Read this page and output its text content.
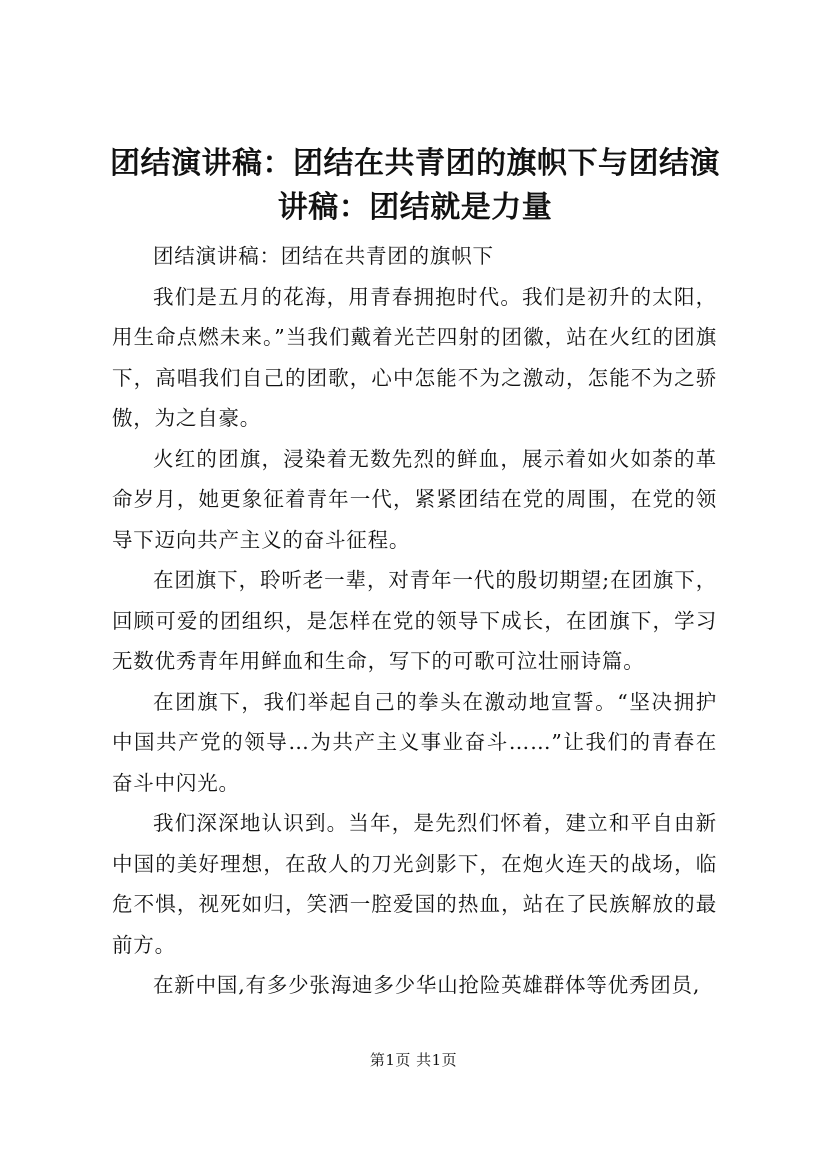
团结演讲稿：团结在共青团的旗帜下与团结演讲稿：团结就是力量

团结演讲稿：团结在共青团的旗帜下

我们是五月的花海，用青春拥抱时代。我们是初升的太阳，用生命点燃未来。”当我们戴着光芒四射的团徽，站在火红的团旗下，高唱我们自己的团歌，心中怎能不为之激动，怎能不为之骄傲，为之自豪。

火红的团旗，浸染着无数先烈的鲜血，展示着如火如荼的革命岁月，她更象征着青年一代，紧紧团结在党的周围，在党的领导下迈向共产主义的奋斗征程。

在团旗下，聆听老一辈，对青年一代的殷切期望;在团旗下，回顾可爱的团组织，是怎样在党的领导下成长，在团旗下，学习无数优秀青年用鲜血和生命，写下的可歌可泣壮丽诗篇。

在团旗下，我们举起自己的拳头在激动地宣誓。“坚决拥护中国共产党的领导…为共产主义事业奋斗……”让我们的青春在奋斗中闪光。

我们深深地认识到。当年，是先烈们怀着，建立和平自由新中国的美好理想，在敌人的刀光剑影下，在炮火连天的战场，临危不惧，视死如归，笑洒一腔爱国的热血，站在了民族解放的最前方。

在新中国,有多少张海迪多少华山抢险英雄群体等优秀团员,

第1页 共1页
